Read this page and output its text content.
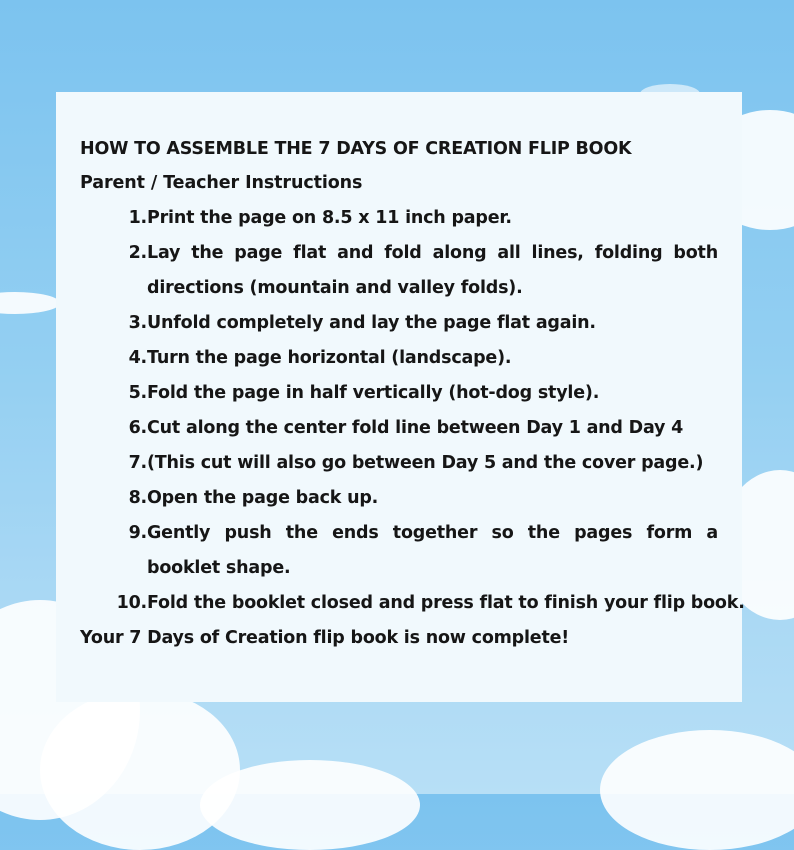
HOW TO ASSEMBLE THE 7 DAYS OF CREATION FLIP BOOK
Parent / Teacher Instructions
1. Print the page on 8.5 x 11 inch paper.
2. Lay the page flat and fold along all lines, folding both directions (mountain and valley folds).
3. Unfold completely and lay the page flat again.
4. Turn the page horizontal (landscape).
5. Fold the page in half vertically (hot-dog style).
6. Cut along the center fold line between Day 1 and Day 4
7. (This cut will also go between Day 5 and the cover page.)
8. Open the page back up.
9. Gently push the ends together so the pages form a booklet shape.
10. Fold the booklet closed and press flat to finish your flip book.

Your 7 Days of Creation flip book is now complete!
